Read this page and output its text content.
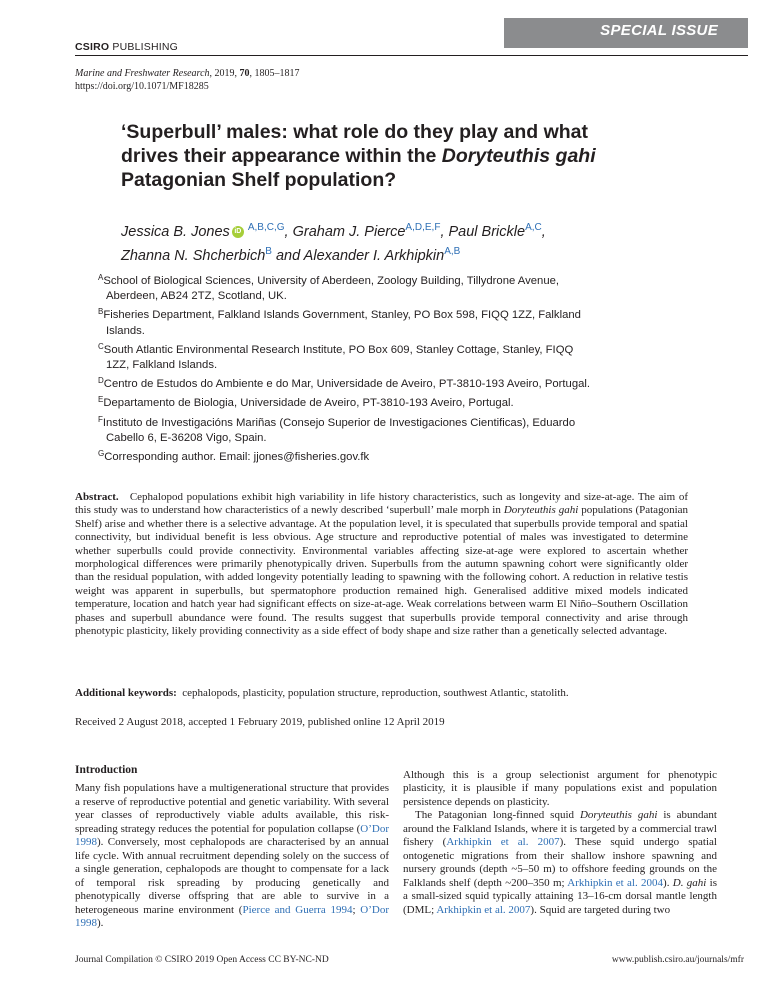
SPECIAL ISSUE
CSIRO PUBLISHING
Marine and Freshwater Research, 2019, 70, 1805–1817
https://doi.org/10.1071/MF18285
‘Superbull’ males: what role do they play and what drives their appearance within the Doryteuthis gahi Patagonian Shelf population?
Jessica B. Jones iD $^{A,B,C,G}$, Graham J. Pierce$^{A,D,E,F}$, Paul Brickle$^{A,C}$,
Zhanna N. Shcherbich$^B$ and Alexander I. Arkhipkin$^{A,B}$
$^A$School of Biological Sciences, University of Aberdeen, Zoology Building, Tillydrone Avenue, Aberdeen, AB24 2TZ, Scotland, UK.
$^B$Fisheries Department, Falkland Islands Government, Stanley, PO Box 598, FIQQ 1ZZ, Falkland Islands.
$^C$South Atlantic Environmental Research Institute, PO Box 609, Stanley Cottage, Stanley, FIQQ 1ZZ, Falkland Islands.
$^D$Centro de Estudos do Ambiente e do Mar, Universidade de Aveiro, PT-3810-193 Aveiro, Portugal.
$^E$Departamento de Biologia, Universidade de Aveiro, PT-3810-193 Aveiro, Portugal.
$^F$Instituto de Investigacións Mariñas (Consejo Superior de Investigaciones Cientificas), Eduardo Cabello 6, E-36208 Vigo, Spain.
$^G$Corresponding author. Email: jjones@fisheries.gov.fk
Abstract. Cephalopod populations exhibit high variability in life history characteristics, such as longevity and size-at-age. The aim of this study was to understand how characteristics of a newly described ‘superbull’ male morph in Doryteuthis gahi populations (Patagonian Shelf) arise and whether there is a selective advantage. At the population level, it is speculated that superbulls provide temporal and spatial connectivity, but individual benefit is less obvious. Age structure and reproductive potential of males was investigated to determine whether superbulls could provide connectivity. Environmental variables affecting size-at-age were explored to ascertain whether morphological differences were primarily phenotypically driven. Superbulls from the autumn spawning cohort were significantly older than the residual population, with added longevity potentially leading to spawning with the following cohort. A reduction in relative testis weight was apparent in superbulls, but spermatophore production remained high. Generalised additive mixed models indicated temperature, location and hatch year had significant effects on size-at-age. Weak correlations between warm El Niño–Southern Oscillation phases and superbull abundance were found. The results suggest that superbulls provide temporal connectivity and arise through phenotypic plasticity, likely providing connectivity as a side effect of body shape and size rather than a genetically selected advantage.
Additional keywords: cephalopods, plasticity, population structure, reproduction, southwest Atlantic, statolith.
Received 2 August 2018, accepted 1 February 2019, published online 12 April 2019
Introduction
Many fish populations have a multigenerational structure that provides a reserve of reproductive potential and genetic variability. With several year classes of reproductively viable adults available, this risk-spreading strategy reduces the potential for population collapse (O’Dor 1998). Conversely, most cephalopods are characterised by an annual life cycle. With annual recruitment depending solely on the success of a single generation, cephalopods are thought to compensate for a lack of temporal risk spreading by producing genetically and phenotypically diverse offspring that are able to survive in a heterogeneous marine environment (Pierce and Guerra 1994; O’Dor 1998).
Although this is a group selectionist argument for phenotypic plasticity, it is plausible if many populations exist and population persistence depends on plasticity.
The Patagonian long-finned squid Doryteuthis gahi is abundant around the Falkland Islands, where it is targeted by a commercial trawl fishery (Arkhipkin et al. 2007). These squid undergo spatial ontogenetic migrations from their shallow inshore spawning and nursery grounds (depth ~5–50 m) to offshore feeding grounds on the Falklands shelf (depth ~200–350 m; Arkhipkin et al. 2004). D. gahi is a small-sized squid typically attaining 13–16-cm dorsal mantle length (DML; Arkhipkin et al. 2007). Squid are targeted during two
Journal Compilation © CSIRO 2019 Open Access CC BY-NC-ND	www.publish.csiro.au/journals/mfr
